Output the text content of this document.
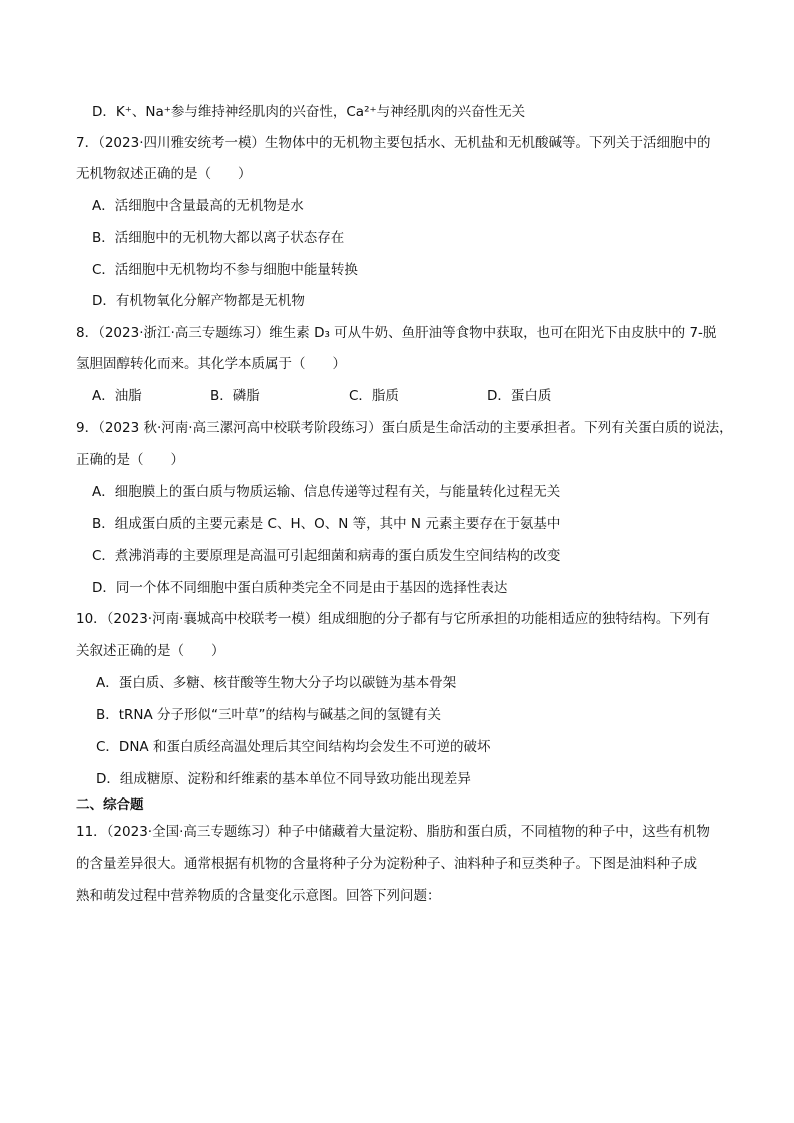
D．K⁺、Na⁺参与维持神经肌肉的兴奋性，Ca²⁺与神经肌肉的兴奋性无关
7．（2023·四川雅安统考一模）生物体中的无机物主要包括水、无机盐和无机酸碱等。下列关于活细胞中的
无机物叙述正确的是（　　）
A．活细胞中含量最高的无机物是水
B．活细胞中的无机物大都以离子状态存在
C．活细胞中无机物均不参与细胞中能量转换
D．有机物氧化分解产物都是无机物
8．（2023·浙江·高三专题练习）维生素 D₃ 可从牛奶、鱼肝油等食物中获取，也可在阳光下由皮肤中的 7-脱
氢胆固醇转化而来。其化学本质属于（　　）
A．油脂	B．磷脂	C．脂质	D．蛋白质
9．（2023 秋·河南·高三漯河高中校联考阶段练习）蛋白质是生命活动的主要承担者。下列有关蛋白质的说法，
正确的是（　　）
A．细胞膜上的蛋白质与物质运输、信息传递等过程有关，与能量转化过程无关
B．组成蛋白质的主要元素是 C、H、O、N 等，其中 N 元素主要存在于氨基中
C．煮沸消毒的主要原理是高温可引起细菌和病毒的蛋白质发生空间结构的改变
D．同一个体不同细胞中蛋白质种类完全不同是由于基因的选择性表达
10．（2023·河南·襄城高中校联考一模）组成细胞的分子都有与它所承担的功能相适应的独特结构。下列有
关叙述正确的是（　　）
A．蛋白质、多糖、核苷酸等生物大分子均以碳链为基本骨架
B．tRNA 分子形似“三叶草”的结构与碱基之间的氢键有关
C．DNA 和蛋白质经高温处理后其空间结构均会发生不可逆的破坏
D．组成糖原、淀粉和纤维素的基本单位不同导致功能出现差异
二、综合题
11．（2023·全国·高三专题练习）种子中储藏着大量淀粉、脂肪和蛋白质，不同植物的种子中，这些有机物
的含量差异很大。通常根据有机物的含量将种子分为淀粉种子、油料种子和豆类种子。下图是油料种子成
熟和萌发过程中营养物质的含量变化示意图。回答下列问题：
